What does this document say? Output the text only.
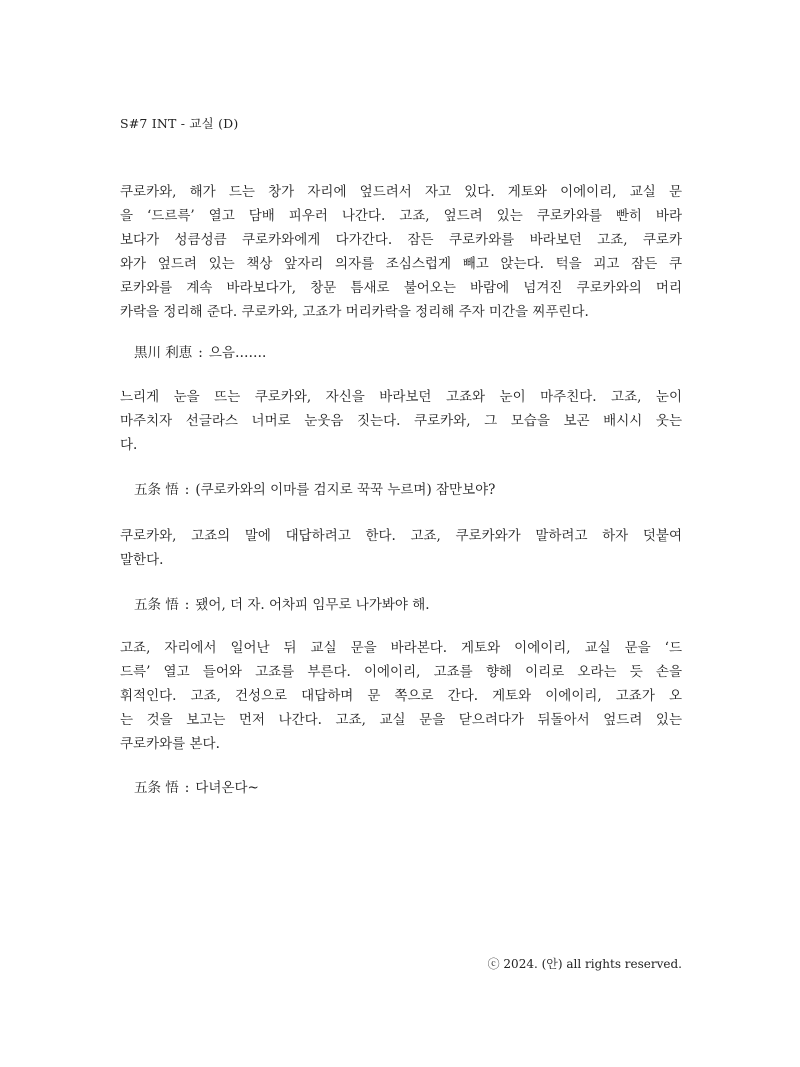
S#7 INT - 교실 (D)
쿠로카와, 해가 드는 창가 자리에 엎드려서 자고 있다. 게토와 이에이리, 교실 문
을 ‘드르륵’ 열고 담배 피우러 나간다. 고죠, 엎드려 있는 쿠로카와를 빤히 바라
보다가 성큼성큼 쿠로카와에게 다가간다. 잠든 쿠로카와를 바라보던 고죠, 쿠로카
와가 엎드려 있는 책상 앞자리 의자를 조심스럽게 빼고 앉는다. 턱을 괴고 잠든 쿠
로카와를 계속 바라보다가, 창문 틈새로 불어오는 바람에 넘겨진 쿠로카와의 머리
카락을 정리해 준다. 쿠로카와, 고죠가 머리카락을 정리해 주자 미간을 찌푸린다.
黒川 利恵 : 으음…….
느리게 눈을 뜨는 쿠로카와, 자신을 바라보던 고죠와 눈이 마주친다. 고죠, 눈이
마주치자 선글라스 너머로 눈웃음 짓는다. 쿠로카와, 그 모습을 보곤 배시시 웃는
다.
五条 悟 : (쿠로카와의 이마를 검지로 꾹꾹 누르며) 잠만보야?
쿠로카와, 고죠의 말에 대답하려고 한다. 고죠, 쿠로카와가 말하려고 하자 덧붙여
말한다.
五条 悟 : 됐어, 더 자. 어차피 임무로 나가봐야 해.
고죠, 자리에서 일어난 뒤 교실 문을 바라본다. 게토와 이에이리, 교실 문을 ‘드
드륵’ 열고 들어와 고죠를 부른다. 이에이리, 고죠를 향해 이리로 오라는 듯 손을
휘적인다. 고죠, 건성으로 대답하며 문 쪽으로 간다. 게토와 이에이리, 고죠가 오
는 것을 보고는 먼저 나간다. 고죠, 교실 문을 닫으려다가 뒤돌아서 엎드려 있는
쿠로카와를 본다.
五条 悟 : 다녀온다~
ⓒ 2024. (안) all rights reserved.
